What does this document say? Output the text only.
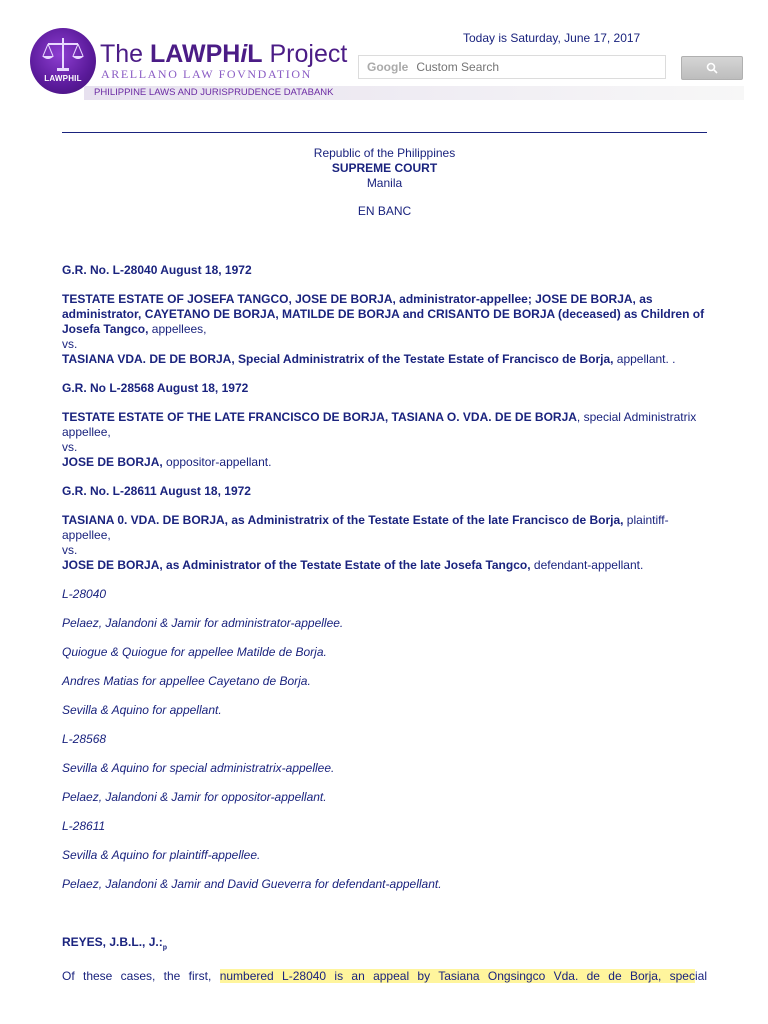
LAWPHIL
The LAWPHiL Project
ARELLANO LAW FOVNDATION
PHILIPPINE LAWS AND JURISPRUDENCE DATABANK
Today is Saturday, June 17, 2017
GoogleCustom Search

Republic of the Philippines

SUPREME COURT

Manila

EN BANC

G.R. No. L-28040 August 18, 1972

TESTATE ESTATE OF JOSEFA TANGCO, JOSE DE BORJA, administrator-appellee; JOSE DE BORJA, as administrator, CAYETANO DE BORJA, MATILDE DE BORJA and CRISANTO DE BORJA (deceased) as Children of Josefa Tangco, appellees,

vs.

TASIANA VDA. DE DE BORJA, Special Administratrix of the Testate Estate of Francisco de Borja, appellant. .

G.R. No L-28568 August 18, 1972

TESTATE ESTATE OF THE LATE FRANCISCO DE BORJA, TASIANA O. VDA. DE DE BORJA, special Administratrix appellee,

vs.

JOSE DE BORJA, oppositor-appellant.

G.R. No. L-28611 August 18, 1972

TASIANA 0. VDA. DE BORJA, as Administratrix of the Testate Estate of the late Francisco de Borja, plaintiff-appellee,

vs.

JOSE DE BORJA, as Administrator of the Testate Estate of the late Josefa Tangco, defendant-appellant.

L-28040

Pelaez, Jalandoni & Jamir for administrator-appellee.

Quiogue & Quiogue for appellee Matilde de Borja.

Andres Matias for appellee Cayetano de Borja.

Sevilla & Aquino for appellant.

L-28568

Sevilla & Aquino for special administratrix-appellee.

Pelaez, Jalandoni & Jamir for oppositor-appellant.

L-28611

Sevilla & Aquino for plaintiff-appellee.

Pelaez, Jalandoni & Jamir and David Gueverra for defendant-appellant.

REYES, J.B.L., $J.:_p$

Of these cases, the first, numbered L-28040 is an appeal by Tasiana Ongsingco Vda. de de Borja, special
